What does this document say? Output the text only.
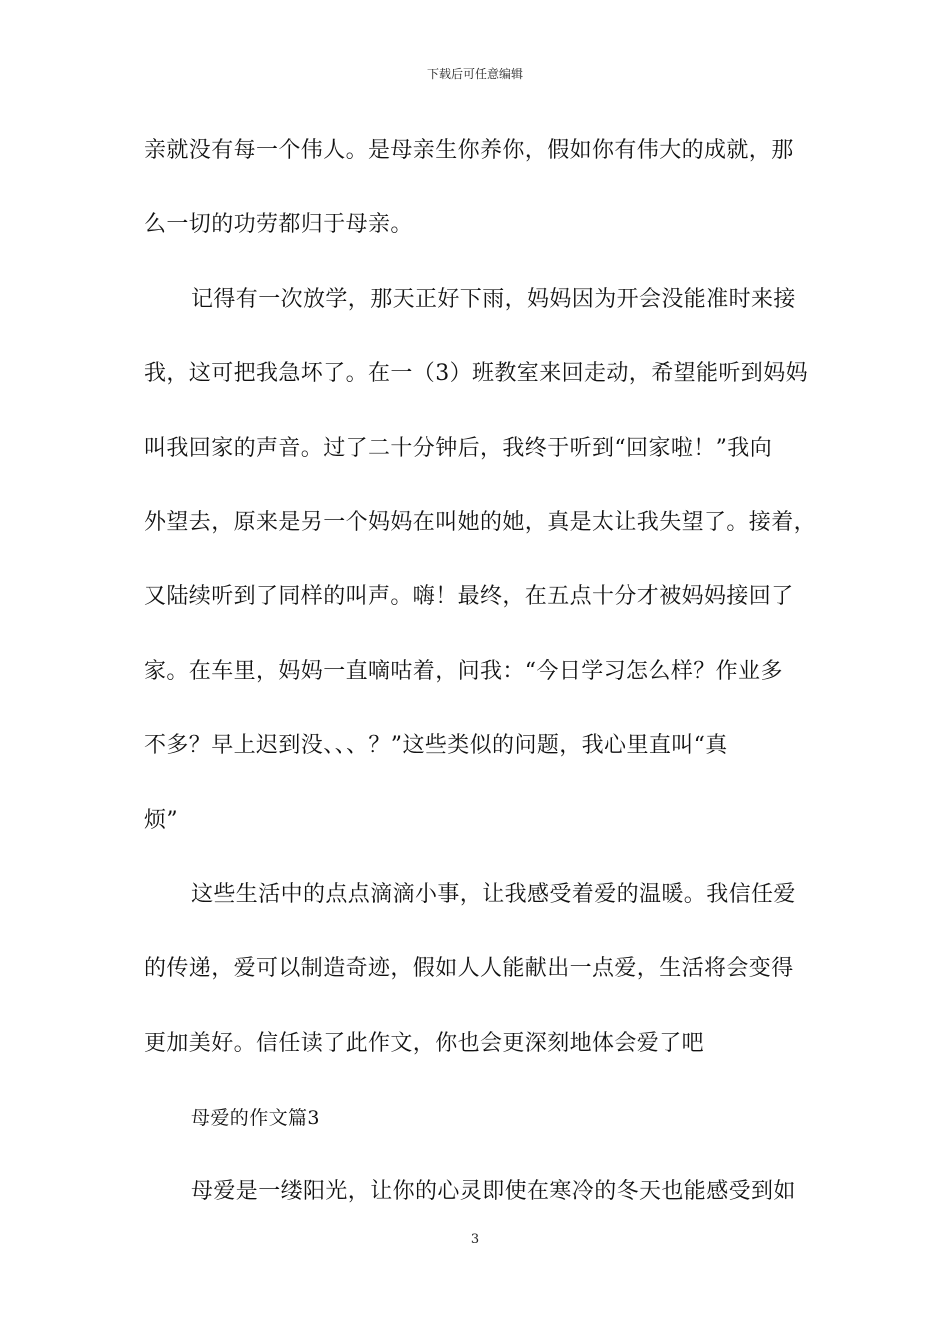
下载后可任意编辑
亲就没有每一个伟人。是母亲生你养你，假如你有伟大的成就，那
么一切的功劳都归于母亲。
记得有一次放学，那天正好下雨，妈妈因为开会没能准时来接
我，这可把我急坏了。在一（3）班教室来回走动，希望能听到妈妈
叫我回家的声音。过了二十分钟后，我终于听到“回家啦！”我向
外望去，原来是另一个妈妈在叫她的她，真是太让我失望了。接着，
又陆续听到了同样的叫声。嗨！最终，在五点十分才被妈妈接回了
家。在车里，妈妈一直嘀咕着，问我：“今日学习怎么样？作业多
不多？早上迟到没、、、？”这些类似的问题，我心里直叫“真
烦”
这些生活中的点点滴滴小事，让我感受着爱的温暖。我信任爱
的传递，爱可以制造奇迹，假如人人能献出一点爱，生活将会变得
更加美好。信任读了此作文，你也会更深刻地体会爱了吧
母爱的作文篇3
母爱是一缕阳光，让你的心灵即使在寒冷的冬天也能感受到如
3
